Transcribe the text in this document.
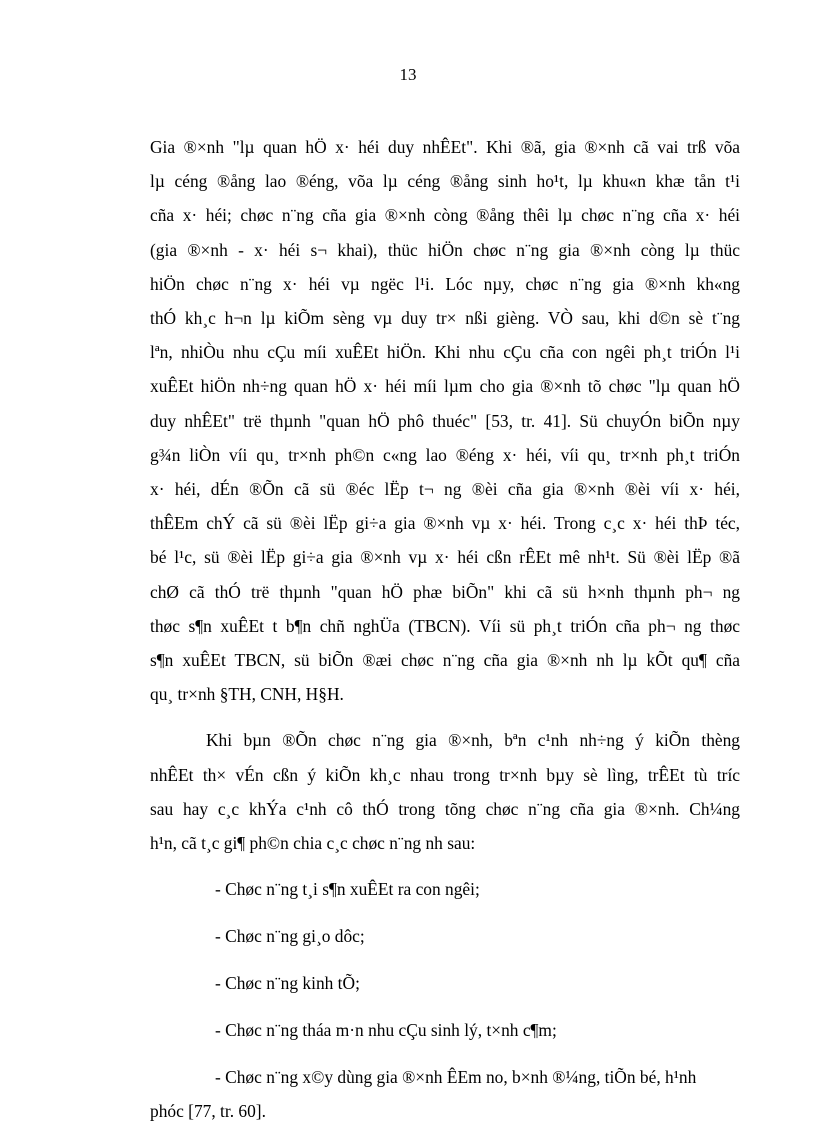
13
Gia ®×nh "lµ quan hÖ x· héi duy nhÊEt". Khi ®ã, gia ®×nh cã vai trß võa
lµ céng ®ång lao ®éng, võa lµ céng ®ång sinh ho¹t, lµ khu«n khæ tån t¹i
cña x· héi; chøc n¨ng cña gia ®×nh còng ®ång thêi lµ chøc n¨ng cña x· héi
(gia ®×nh - x· héi s¬ khai), thüc hiÖn chøc n¨ng gia ®×nh còng lµ thüc
hiÖn chøc n¨ng x· héi vµ ngëc l¹i. Lóc nµy, chøc n¨ng gia ®×nh kh«ng
thÓ kh¸c h¬n lµ kiÕm sèng vµ duy tr× nßi gièng. VÒ sau, khi d©n sè t¨ng
lªn, nhiÒu nhu cÇu míi xuÊEt hiÖn. Khi nhu cÇu cña con ngêi ph¸t triÓn l¹i
xuÊEt hiÖn nh÷ng quan hÖ x· héi míi lµm cho gia ®×nh tõ chøc "lµ quan hÖ
duy nhÊEt" trë thµnh "quan hÖ phô thuéc" [53, tr. 41]. Sü chuyÓn biÕn nµy
g¾n liÒn víi qu¸ tr×nh ph©n c«ng lao ®éng x· héi, víi qu¸ tr×nh ph¸t triÓn
x· héi, dÉn ®Õn cã sü ®éc lËp t¬ ng ®èi cña gia ®×nh ®èi víi x· héi,
thÊEm chÝ cã sü ®èi lËp gi÷a gia ®×nh vµ x· héi. Trong c¸c x· héi thÞ téc,
bé l¹c, sü ®èi lËp gi÷a gia ®×nh vµ x· héi cßn rÊEt mê nh¹t. Sü ®èi lËp ®ã
chØ cã thÓ trë thµnh "quan hÖ phæ biÕn" khi cã sü h×nh thµnh ph¬ ng
thøc s¶n xuÊEt t b¶n chñ nghÜa (TBCN). Víi sü ph¸t triÓn cña ph¬ ng thøc
s¶n xuÊEt TBCN, sü biÕn ®æi chøc n¨ng cña gia ®×nh nh lµ kÕt qu¶ cña
qu¸ tr×nh §TH, CNH, H§H.
Khi bµn ®Õn chøc n¨ng gia ®×nh, bªn c¹nh nh÷ng ý kiÕn thèng
nhÊEt th× vÉn cßn ý kiÕn kh¸c nhau trong tr×nh bµy sè lìng, trÊEt tù tríc
sau hay c¸c khÝa c¹nh cô thÓ trong tõng chøc n¨ng cña gia ®×nh. Ch¼ng
h¹n, cã t¸c gi¶ ph©n chia c¸c chøc n¨ng nh sau:
- Chøc n¨ng t¸i s¶n xuÊEt ra con ngêi;
- Chøc n¨ng gi¸o dôc;
- Chøc n¨ng kinh tÕ;
- Chøc n¨ng tháa m·n nhu cÇu sinh lý, t×nh c¶m;
- Chøc n¨ng x©y dùng gia ®×nh ÊEm no, b×nh ®¼ng, tiÕn bé, h¹nh
phóc [77, tr. 60].
